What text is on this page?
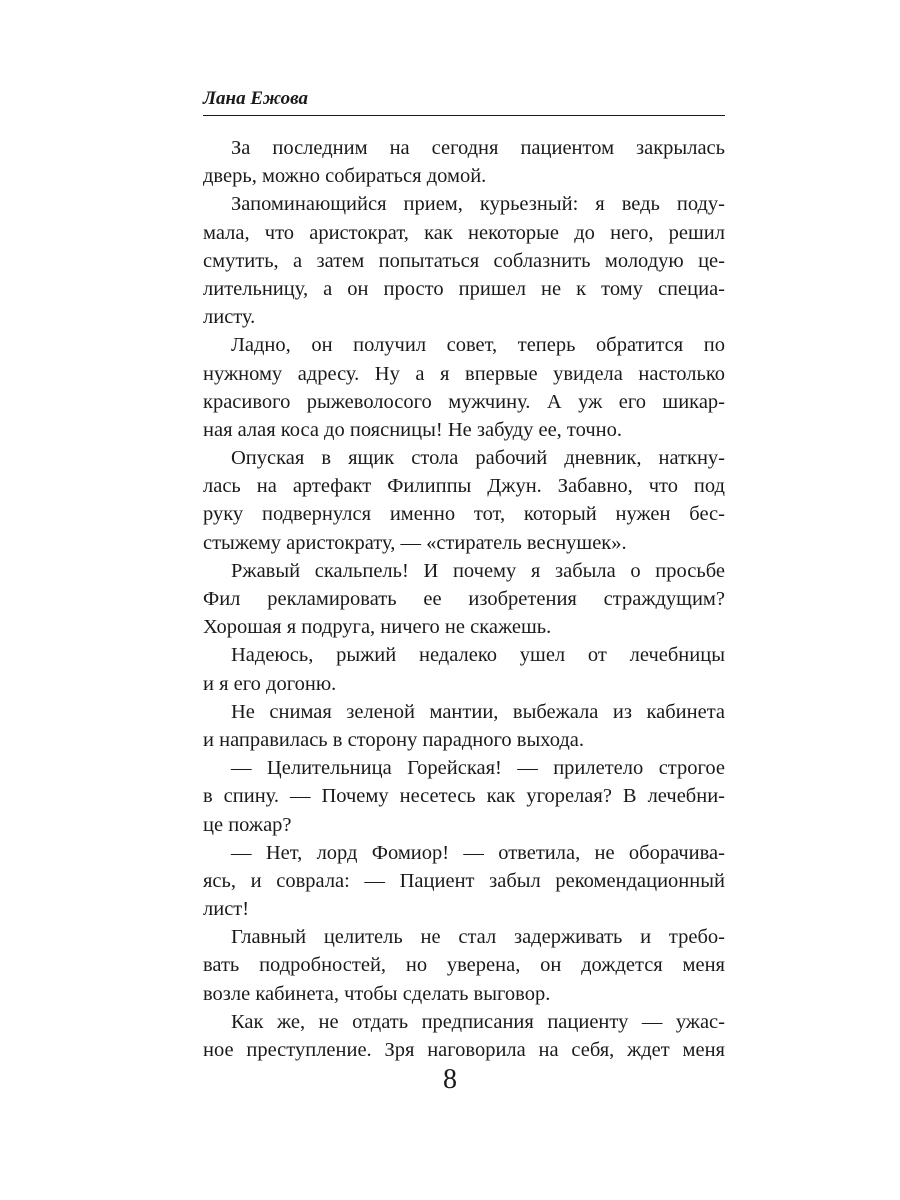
Лана Ежова
За последним на сегодня пациентом закрылась
дверь, можно собираться домой.
Запоминающийся прием, курьезный: я ведь поду-
мала, что аристократ, как некоторые до него, решил
смутить, а затем попытаться соблазнить молодую це-
лительницу, а он просто пришел не к тому специа-
листу.
Ладно, он получил совет, теперь обратится по
нужному адресу. Ну а я впервые увидела настолько
красивого рыжеволосого мужчину. А уж его шикар-
ная алая коса до поясницы! Не забуду ее, точно.
Опуская в ящик стола рабочий дневник, наткну-
лась на артефакт Филиппы Джун. Забавно, что под
руку подвернулся именно тот, который нужен бес-
стыжему аристократу, — «стиратель веснушек».
Ржавый скальпель! И почему я забыла о просьбе
Фил рекламировать ее изобретения страждущим?
Хорошая я подруга, ничего не скажешь.
Надеюсь, рыжий недалеко ушел от лечебницы
и я его догоню.
Не снимая зеленой мантии, выбежала из кабинета
и направилась в сторону парадного выхода.
— Целительница Горейская! — прилетело строгое
в спину. — Почему несетесь как угорелая? В лечебни-
це пожар?
— Нет, лорд Фомиор! — ответила, не оборачива-
ясь, и соврала: — Пациент забыл рекомендационный
лист!
Главный целитель не стал задерживать и требо-
вать подробностей, но уверена, он дождется меня
возле кабинета, чтобы сделать выговор.
Как же, не отдать предписания пациенту — ужас-
ное преступление. Зря наговорила на себя, ждет меня
8
